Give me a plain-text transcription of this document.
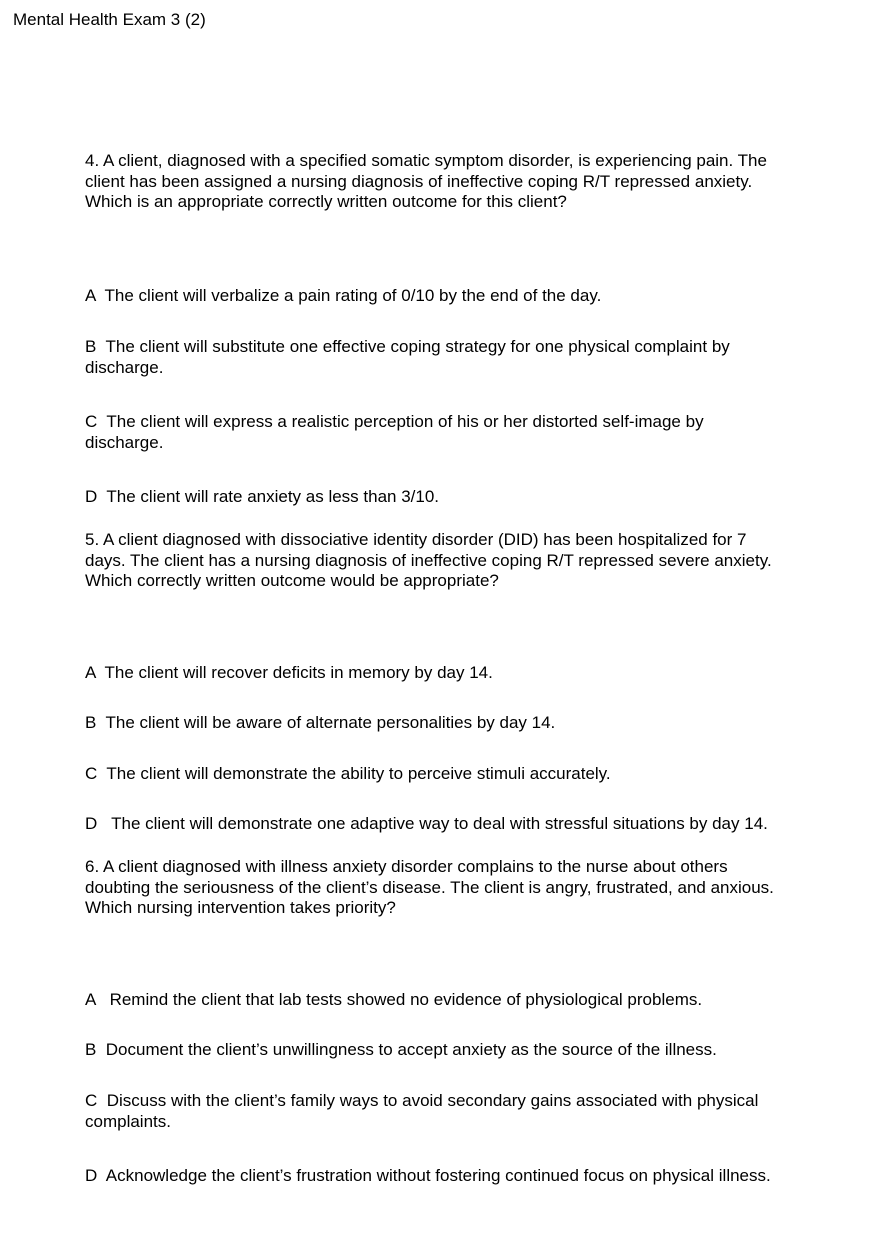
Mental Health Exam 3 (2)

4. A client, diagnosed with a specified somatic symptom disorder, is experiencing pain. The client has been assigned a nursing diagnosis of ineffective coping R/T repressed anxiety. Which is an appropriate correctly written outcome for this client?

A  The client will verbalize a pain rating of 0/10 by the end of the day.

B  The client will substitute one effective coping strategy for one physical complaint by discharge.

C  The client will express a realistic perception of his or her distorted self-image by discharge.

D  The client will rate anxiety as less than 3/10.

5. A client diagnosed with dissociative identity disorder (DID) has been hospitalized for 7 days. The client has a nursing diagnosis of ineffective coping R/T repressed severe anxiety. Which correctly written outcome would be appropriate?

A  The client will recover deficits in memory by day 14.

B  The client will be aware of alternate personalities by day 14.

C  The client will demonstrate the ability to perceive stimuli accurately.

D   The client will demonstrate one adaptive way to deal with stressful situations by day 14.

6. A client diagnosed with illness anxiety disorder complains to the nurse about others doubting the seriousness of the client’s disease. The client is angry, frustrated, and anxious. Which nursing intervention takes priority?

A   Remind the client that lab tests showed no evidence of physiological problems.

B  Document the client’s unwillingness to accept anxiety as the source of the illness.

C  Discuss with the client’s family ways to avoid secondary gains associated with physical complaints.

D  Acknowledge the client’s frustration without fostering continued focus on physical illness.
